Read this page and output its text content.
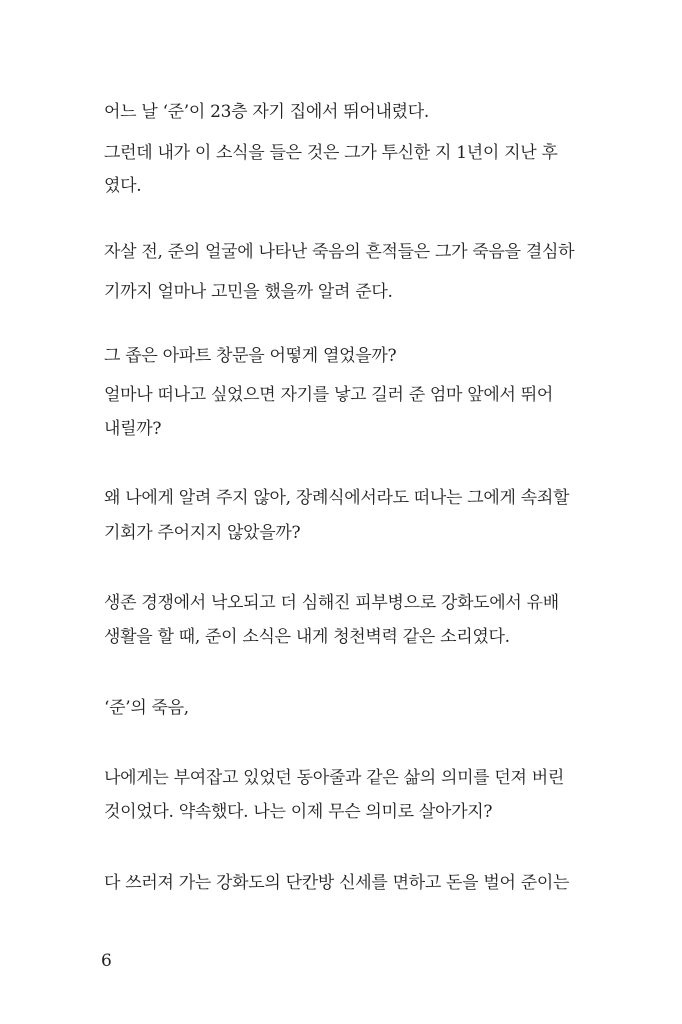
어느 날 ‘준’이 23층 자기 집에서 뛰어내렸다.
그런데 내가 이 소식을 들은 것은 그가 투신한 지 1년이 지난 후
였다.
자살 전, 준의 얼굴에 나타난 죽음의 흔적들은 그가 죽음을 결심하
기까지 얼마나 고민을 했을까 알려 준다.
그 좁은 아파트 창문을 어떻게 열었을까?
얼마나 떠나고 싶었으면 자기를 낳고 길러 준 엄마 앞에서 뛰어
내릴까?
왜 나에게 알려 주지 않아, 장례식에서라도 떠나는 그에게 속죄할
기회가 주어지지 않았을까?
생존 경쟁에서 낙오되고 더 심해진 피부병으로 강화도에서 유배
생활을 할 때, 준이 소식은 내게 청천벽력 같은 소리였다.
‘준’의 죽음,
나에게는 부여잡고 있었던 동아줄과 같은 삶의 의미를 던져 버린
것이었다. 약속했다. 나는 이제 무슨 의미로 살아가지?
다 쓰러져 가는 강화도의 단칸방 신세를 면하고 돈을 벌어 준이는
6
